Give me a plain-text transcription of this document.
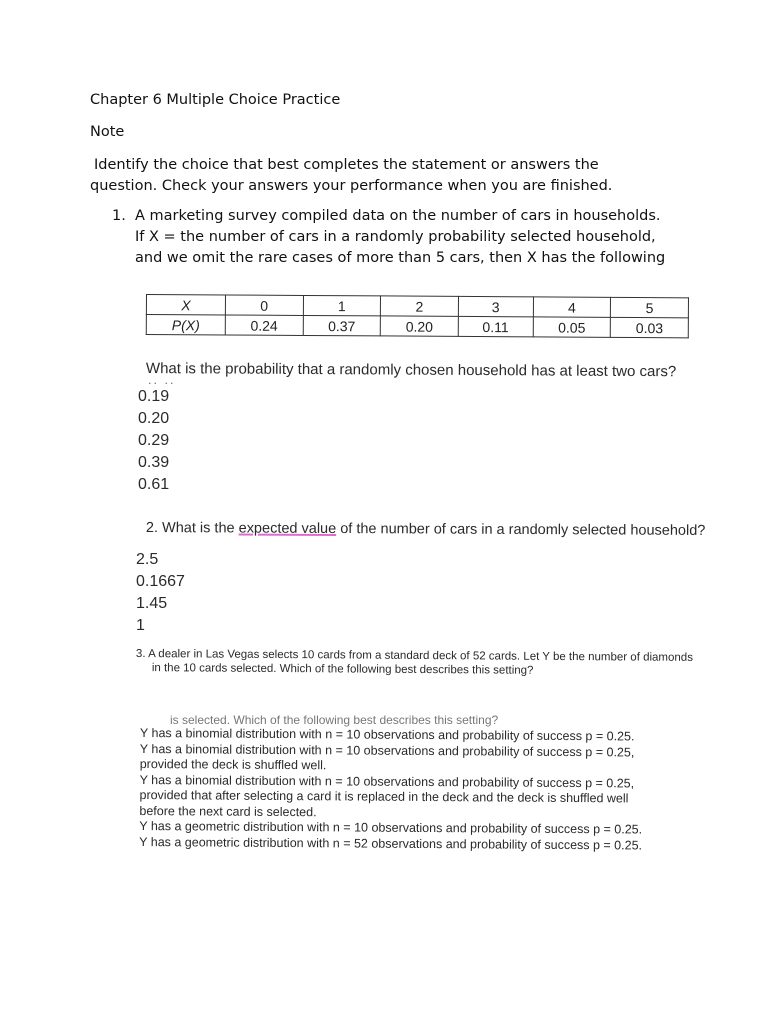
Chapter 6 Multiple Choice Practice
Note
Identify the choice that best completes the statement or answers the question. Check your answers your performance when you are finished.
1. A marketing survey compiled data on the number of cars in households. If X = the number of cars in a randomly probability selected household, and we omit the rare cases of more than 5 cars, then X has the following
X	0	1	2	3	4	5
P(X)	0.24	0.37	0.20	0.11	0.05	0.03
What is the probability that a randomly chosen household has at least two cars?
·· ··
0.19
0.20
0.29
0.39
0.61
2. What is the expected value of the number of cars in a randomly selected household?
2.5
0.1667
1.45
1
3. A dealer in Las Vegas selects 10 cards from a standard deck of 52 cards. Let Y be the number of diamonds
in the 10 cards selected. Which of the following best describes this setting?
is selected. Which of the following best describes this setting?
Y has a binomial distribution with n = 10 observations and probability of success p = 0.25.
Y has a binomial distribution with n = 10 observations and probability of success p = 0.25,
provided the deck is shuffled well.
Y has a binomial distribution with n = 10 observations and probability of success p = 0.25,
provided that after selecting a card it is replaced in the deck and the deck is shuffled well
before the next card is selected.
Y has a geometric distribution with n = 10 observations and probability of success p = 0.25.
Y has a geometric distribution with n = 52 observations and probability of success p = 0.25.
